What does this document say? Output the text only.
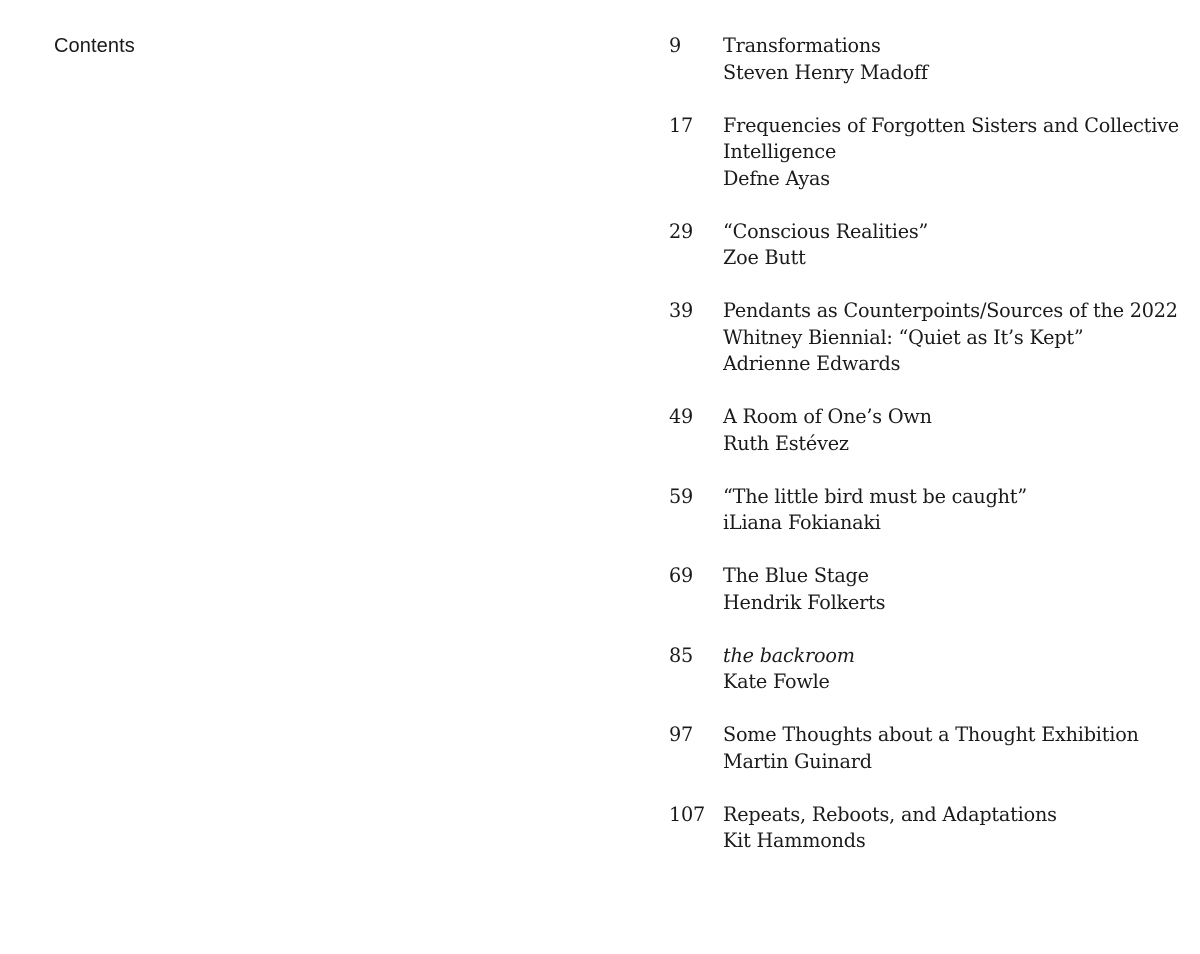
Contents	9	Transformations
Steven Henry Madoff
17	Frequencies of Forgotten Sisters and Collective Intelligence
Defne Ayas
29	“Conscious Realities”
Zoe Butt
39	Pendants as Counterpoints/Sources of the 2022 Whitney Biennial: “Quiet as It’s Kept”
Adrienne Edwards
49	A Room of One’s Own
Ruth Estévez
59	“The little bird must be caught”
iLiana Fokianaki
69	The Blue Stage
Hendrik Folkerts
85	the backroom
Kate Fowle
97	Some Thoughts about a Thought Exhibition
Martin Guinard
107 Repeats, Reboots, and Adaptations
Kit Hammonds
